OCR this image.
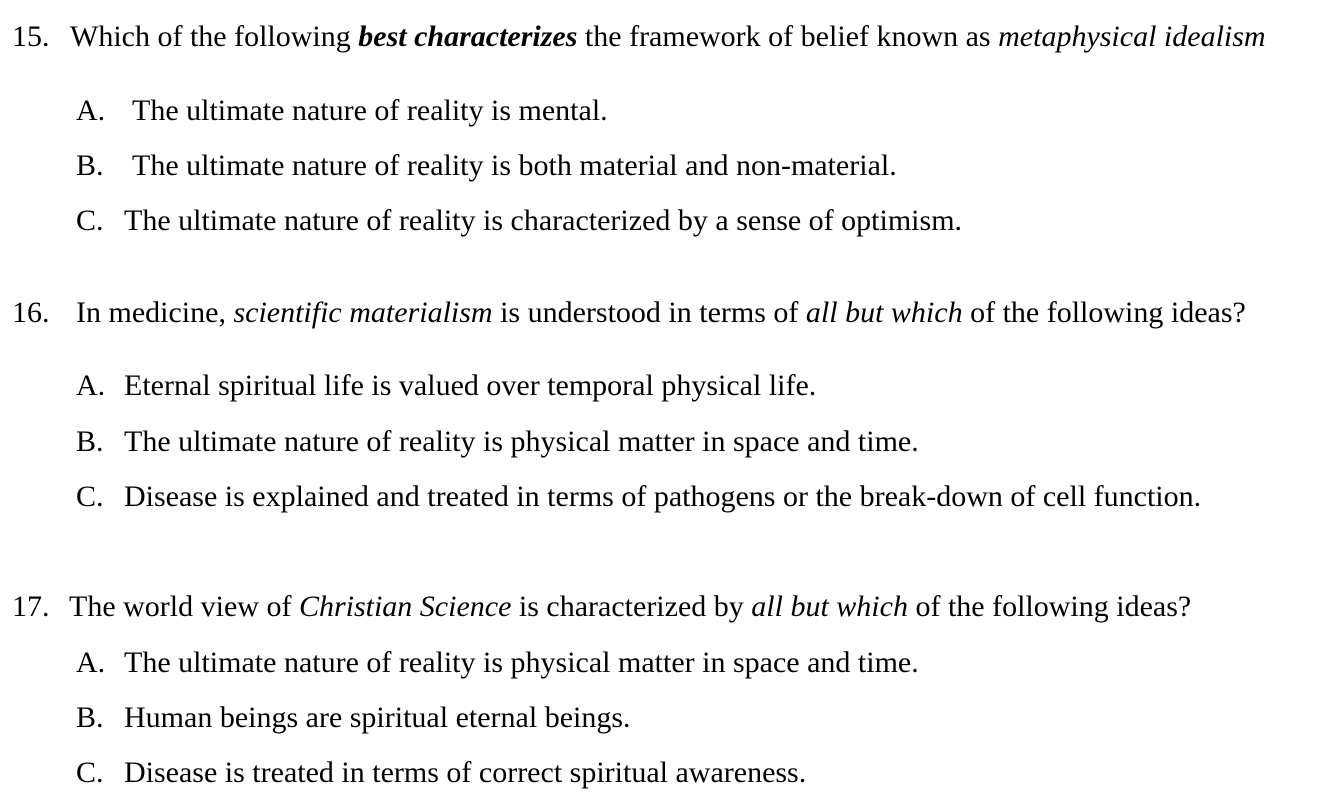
15. Which of the following best characterizes the framework of belief known as metaphysical idealism
A. The ultimate nature of reality is mental.
B. The ultimate nature of reality is both material and non-material.
C. The ultimate nature of reality is characterized by a sense of optimism.
16. In medicine, scientific materialism is understood in terms of all but which of the following ideas?
A. Eternal spiritual life is valued over temporal physical life.
B. The ultimate nature of reality is physical matter in space and time.
C. Disease is explained and treated in terms of pathogens or the break-down of cell function.
17. The world view of Christian Science is characterized by all but which of the following ideas?
A. The ultimate nature of reality is physical matter in space and time.
B. Human beings are spiritual eternal beings.
C. Disease is treated in terms of correct spiritual awareness.
